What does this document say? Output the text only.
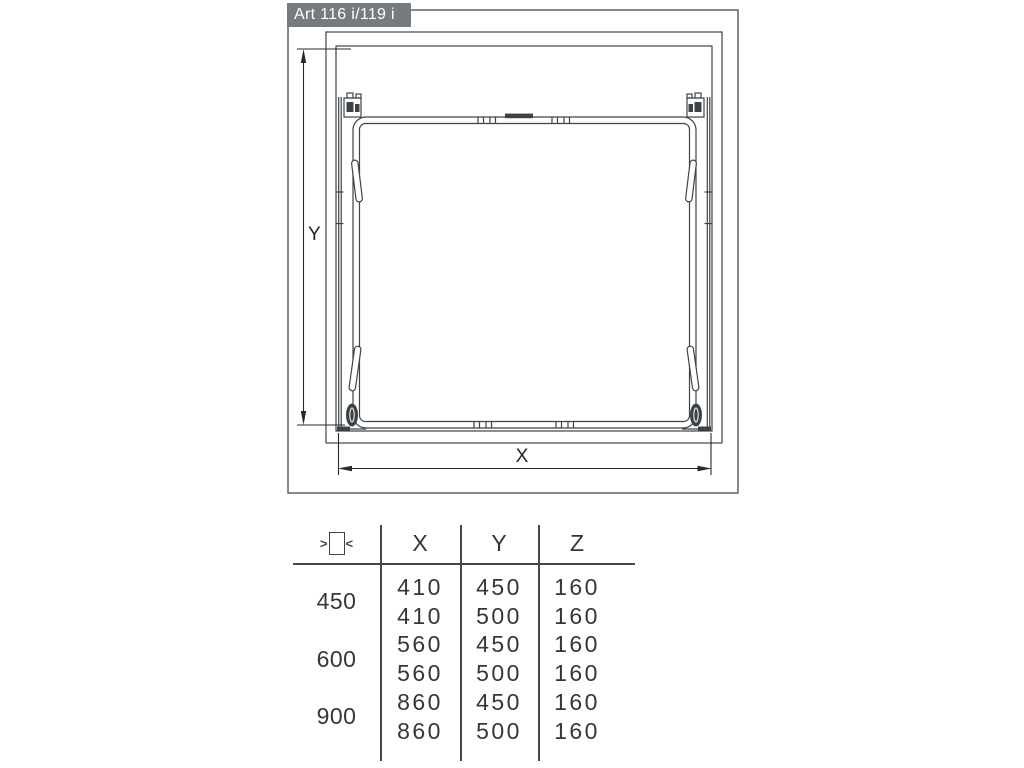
Y
X
Art 116 i/119 i
> <	X	Y	Z
450
410	450	160
410	500	160
600
560	450	160
560	500	160
900
860	450	160
860	500	160
